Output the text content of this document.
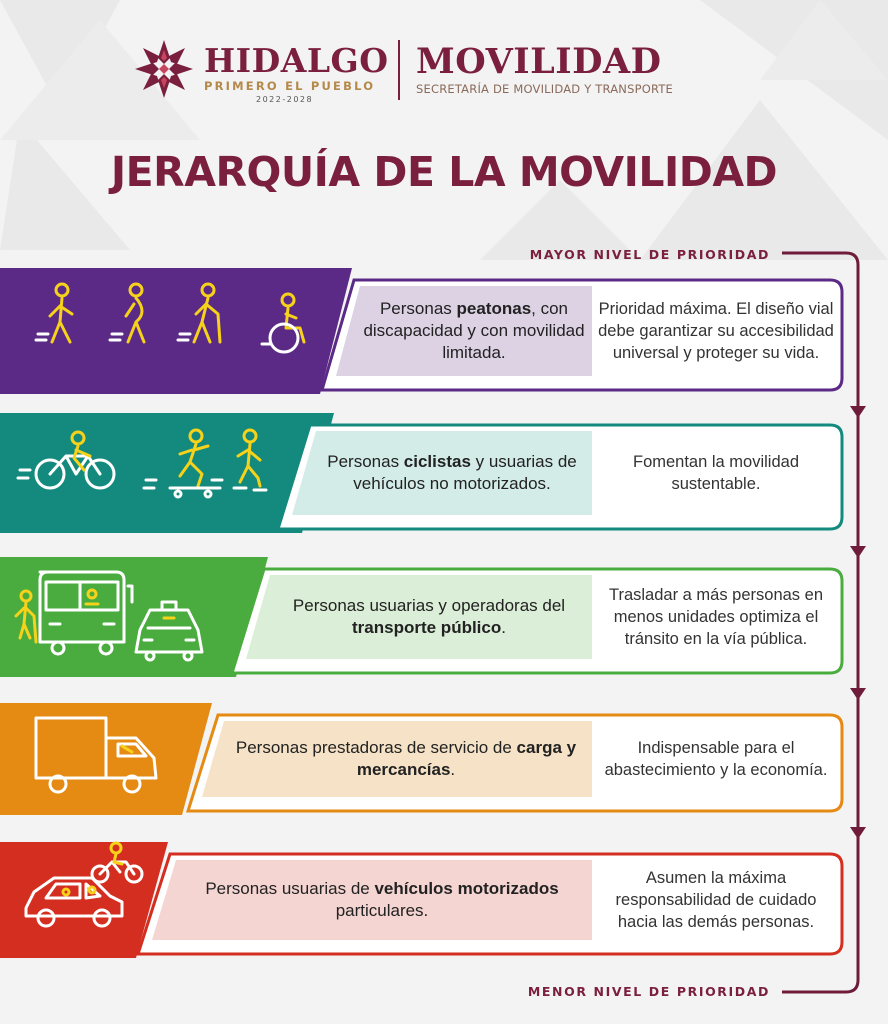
HIDALGO
PRIMERO EL PUEBLO
2022-2028
MOVILIDAD
SECRETARÍA DE MOVILIDAD Y TRANSPORTE
JERARQUÍA DE LA MOVILIDAD
MAYOR NIVEL DE PRIORIDAD
MENOR NIVEL DE PRIORIDAD
Personas peatonas, con discapacidad y con movilidad limitada.
Prioridad máxima. El diseño vial debe garantizar su accesibilidad universal y proteger su vida.
Personas ciclistas y usuarias de vehículos no motorizados.
Fomentan la movilidad sustentable.
Personas usuarias y operadoras del transporte público.
Trasladar a más personas en menos unidades optimiza el tránsito en la vía pública.
Personas prestadoras de servicio de carga y mercancías.
Indispensable para el abastecimiento y la economía.
Personas usuarias de vehículos motorizados particulares.
Asumen la máxima responsabilidad de cuidado hacia las demás personas.
